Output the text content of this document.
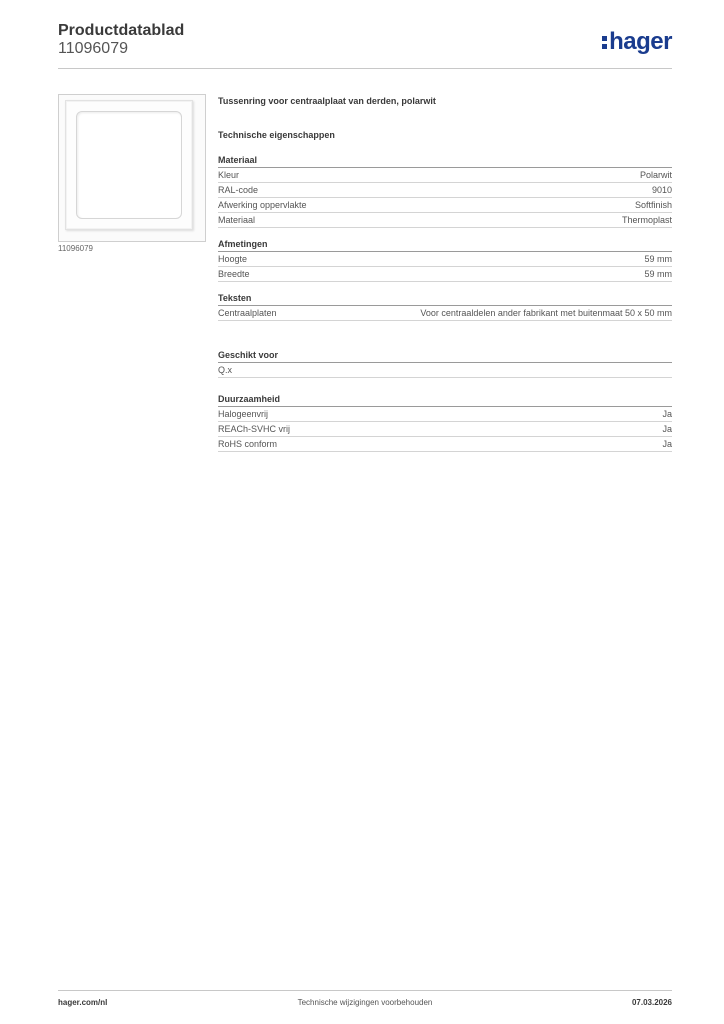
Productdatablad
11096079	hager
11096079
Tussenring voor centraalplaat van derden, polarwit
Technische eigenschappen
Materiaal
Kleur	Polarwit
RAL-code	9010
Afwerking oppervlakte	Softfinish
Materiaal	Thermoplast
Afmetingen
Hoogte	59 mm
Breedte	59 mm
Teksten
Centraalplaten	Voor centraaldelen ander fabrikant met buitenmaat 50 x 50 mm
Geschikt voor
Q.x
Duurzaamheid
Halogeenvrij	Ja
REACh-SVHC vrij	Ja
RoHS conform	Ja
hager.com/nl	Technische wijzigingen voorbehouden	07.03.2026
